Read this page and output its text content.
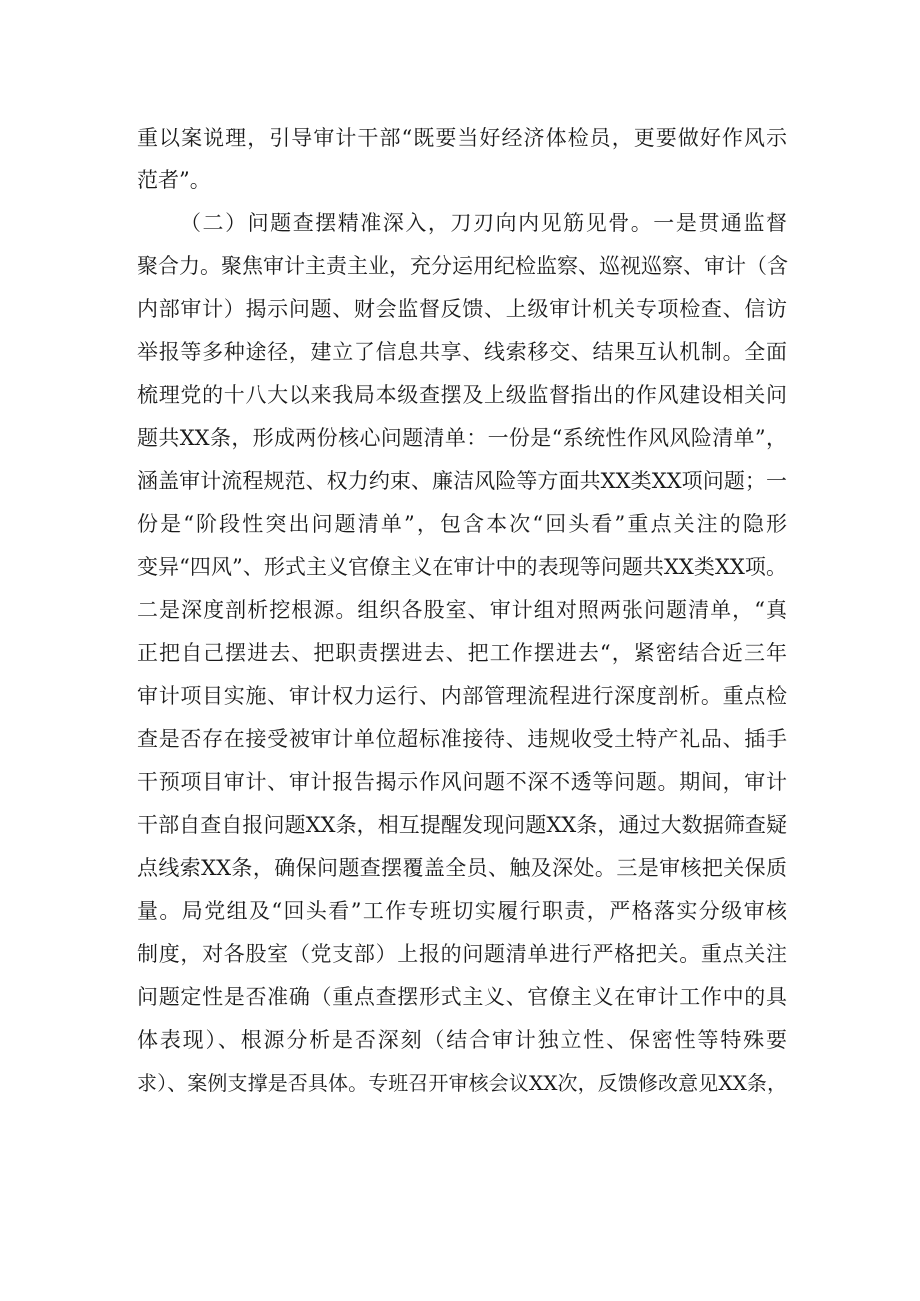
重以案说理，引导审计干部“既要当好经济体检员，更要做好作风示
范者”。
（二）问题查摆精准深入，刀刃向内见筋见骨。一是贯通监督
聚合力。聚焦审计主责主业，充分运用纪检监察、巡视巡察、审计（含
内部审计）揭示问题、财会监督反馈、上级审计机关专项检查、信访
举报等多种途径，建立了信息共享、线索移交、结果互认机制。全面
梳理党的十八大以来我局本级查摆及上级监督指出的作风建设相关问
题共XX条，形成两份核心问题清单：一份是“系统性作风风险清单”，
涵盖审计流程规范、权力约束、廉洁风险等方面共XX类XX项问题；一
份是“阶段性突出问题清单”，包含本次“回头看”重点关注的隐形
变异“四风”、形式主义官僚主义在审计中的表现等问题共XX类XX项。
二是深度剖析挖根源。组织各股室、审计组对照两张问题清单，“真
正把自己摆进去、把职责摆进去、把工作摆进去“，紧密结合近三年
审计项目实施、审计权力运行、内部管理流程进行深度剖析。重点检
查是否存在接受被审计单位超标准接待、违规收受土特产礼品、插手
干预项目审计、审计报告揭示作风问题不深不透等问题。期间，审计
干部自查自报问题XX条，相互提醒发现问题XX条，通过大数据筛查疑
点线索XX条，确保问题查摆覆盖全员、触及深处。三是审核把关保质
量。局党组及“回头看”工作专班切实履行职责，严格落实分级审核
制度，对各股室（党支部）上报的问题清单进行严格把关。重点关注
问题定性是否准确（重点查摆形式主义、官僚主义在审计工作中的具
体表现）、根源分析是否深刻（结合审计独立性、保密性等特殊要
求）、案例支撑是否具体。专班召开审核会议XX次，反馈修改意见XX条，
